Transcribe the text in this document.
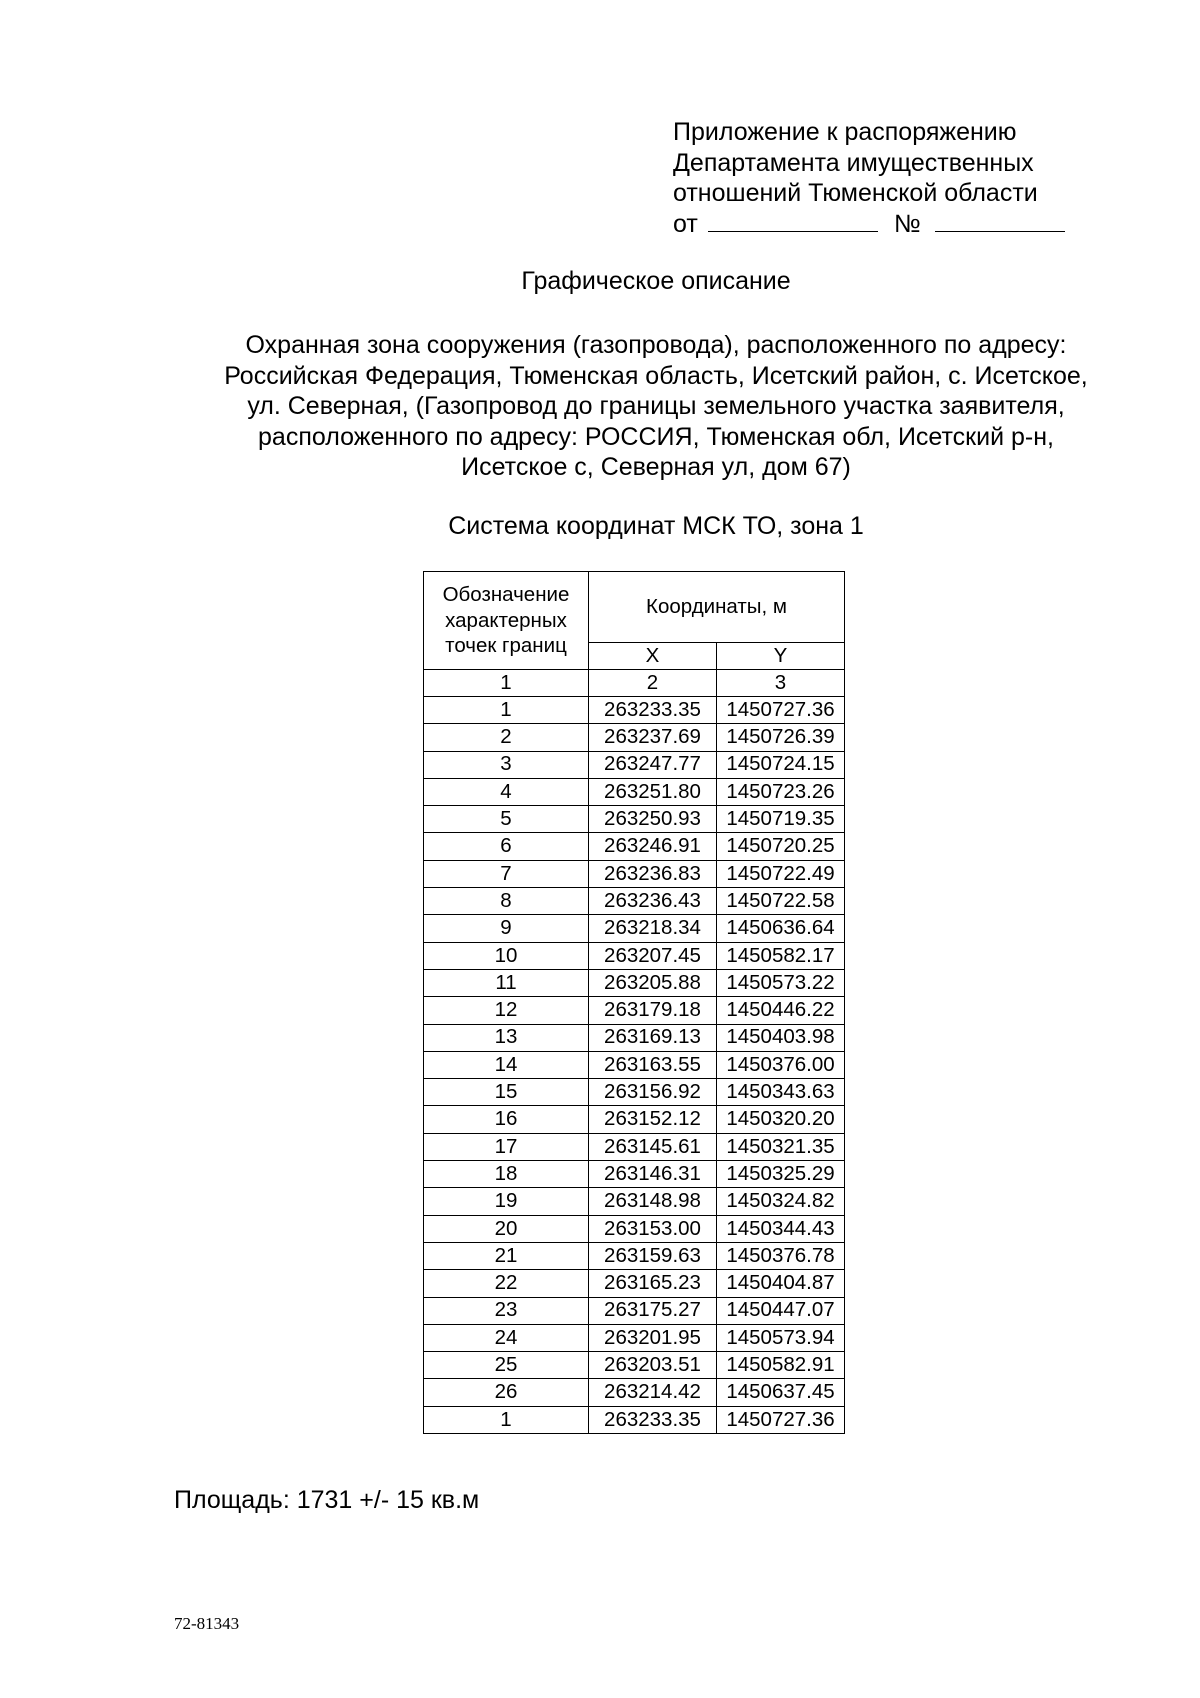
Приложение к распоряжению
Департамента имущественных
отношений Тюменской области
от	№
Графическое описание
Охранная зона сооружения (газопровода), расположенного по адресу:
Российская Федерация, Тюменская область, Исетский район, с. Исетское,
ул. Северная, (Газопровод до границы земельного участка заявителя,
расположенного по адресу: РОССИЯ, Тюменская обл, Исетский р-н,
Исетское с, Северная ул, дом 67)
Система координат МСК ТО, зона 1
Обозначение характерных точек границ	Координаты, м	
	X	Y
1	2	3
1	263233.35	1450727.36
2	263237.69	1450726.39
3	263247.77	1450724.15
4	263251.80	1450723.26
5	263250.93	1450719.35
6	263246.91	1450720.25
7	263236.83	1450722.49
8	263236.43	1450722.58
9	263218.34	1450636.64
10	263207.45	1450582.17
11	263205.88	1450573.22
12	263179.18	1450446.22
13	263169.13	1450403.98
14	263163.55	1450376.00
15	263156.92	1450343.63
16	263152.12	1450320.20
17	263145.61	1450321.35
18	263146.31	1450325.29
19	263148.98	1450324.82
20	263153.00	1450344.43
21	263159.63	1450376.78
22	263165.23	1450404.87
23	263175.27	1450447.07
24	263201.95	1450573.94
25	263203.51	1450582.91
26	263214.42	1450637.45
1	263233.35	1450727.36
Площадь: 1731 +/- 15 кв.м
72-81343
